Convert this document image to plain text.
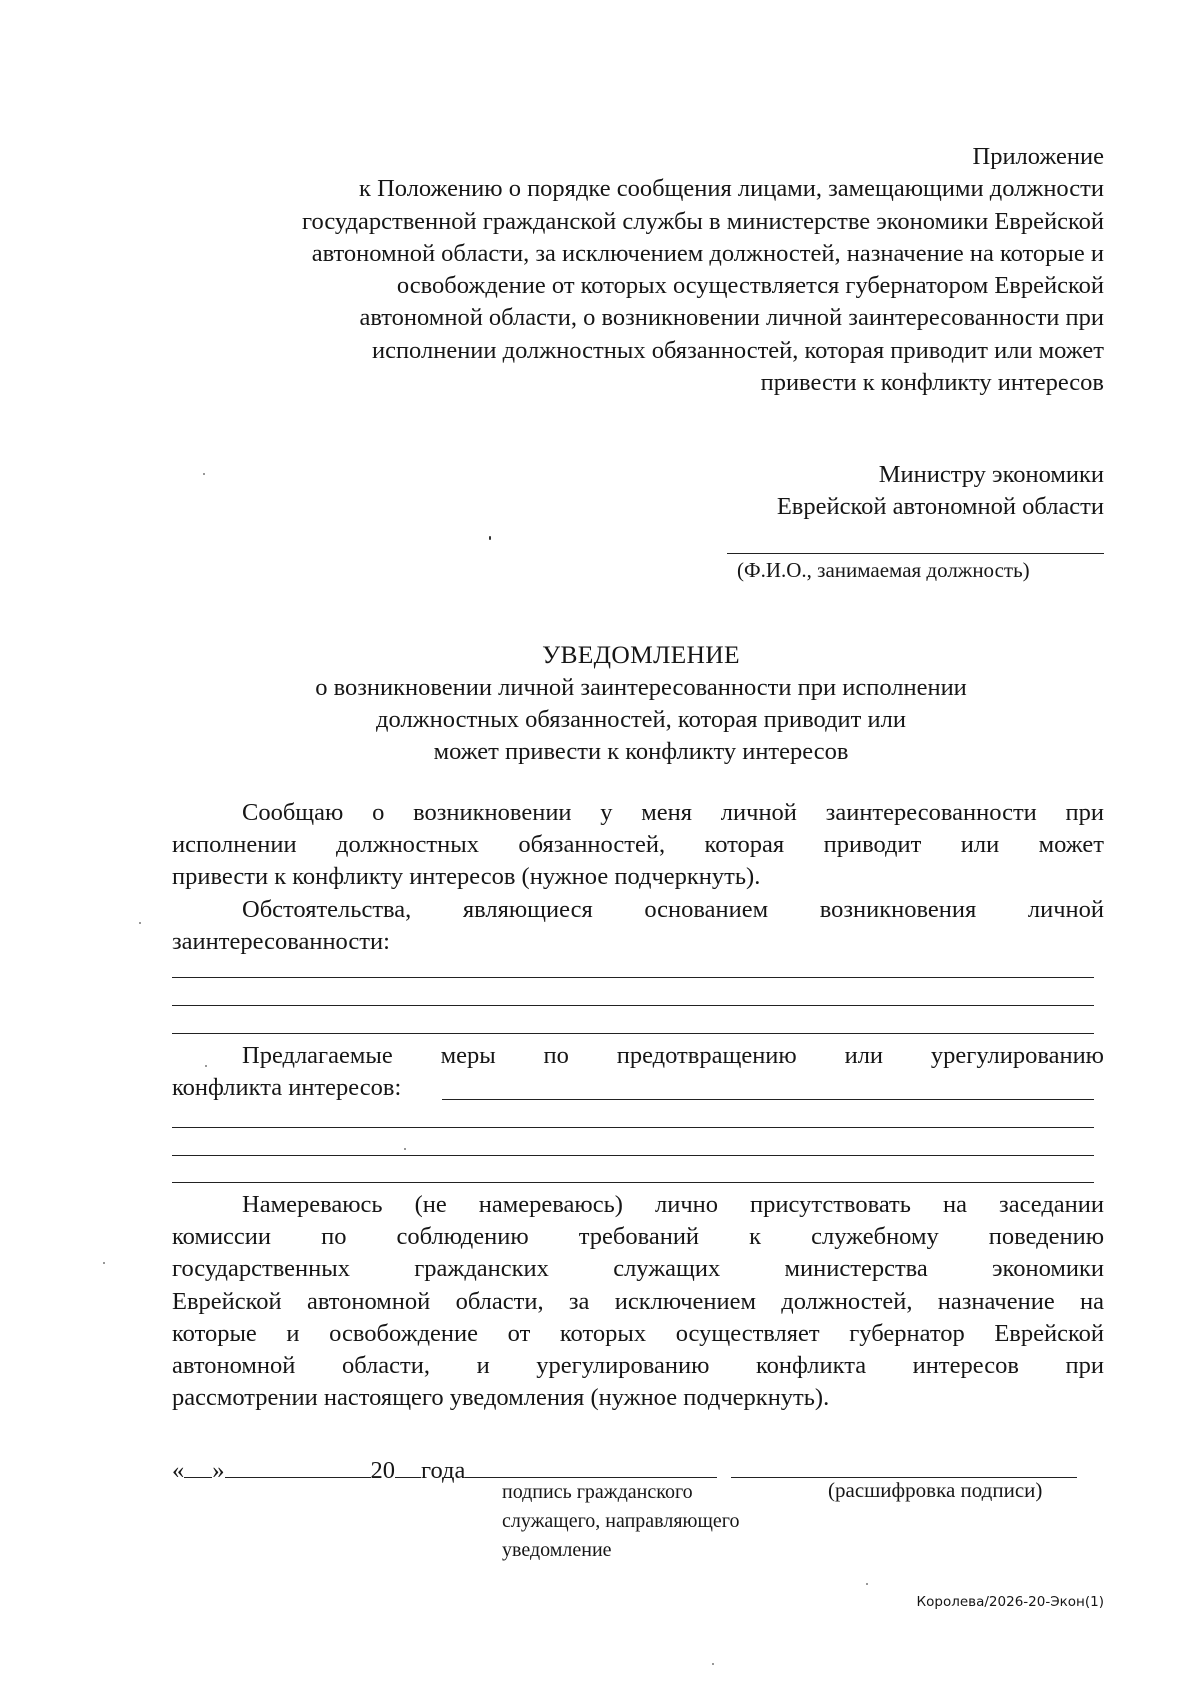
Приложение
к Положению о порядке сообщения лицами, замещающими должности
государственной гражданской службы в министерстве экономики Еврейской
автономной области, за исключением должностей, назначение на которые и
освобождение от которых осуществляется губернатором Еврейской
автономной области, о возникновении личной заинтересованности при
исполнении должностных обязанностей, которая приводит или может
привести к конфликту интересов
Министру экономики
Еврейской автономной области
(Ф.И.О., занимаемая должность)
УВЕДОМЛЕНИЕ
о возникновении личной заинтересованности при исполнении
должностных обязанностей, которая приводит или
может привести к конфликту интересов
Сообщаю о возникновении у меня личной заинтересованности при
исполнении должностных обязанностей, которая приводит или может
привести к конфликту интересов (нужное подчеркнуть).
Обстоятельства, являющиеся основанием возникновения личной
заинтересованности:
Предлагаемые меры по предотвращению или урегулированию
конфликта интересов:
Намереваюсь (не намереваюсь) лично присутствовать на заседании
комиссии по соблюдению требований к служебному поведению
государственных гражданских служащих министерства экономики
Еврейской автономной области, за исключением должностей, назначение на
которые и освобождение от которых осуществляет губернатор Еврейской
автономной области, и урегулированию конфликта интересов при
рассмотрении настоящего уведомления (нужное подчеркнуть).
« »	20 года
подпись гражданского
служащего, направляющего
уведомление
(расшифровка подписи)
Королева/2026-20-Экон(1)
